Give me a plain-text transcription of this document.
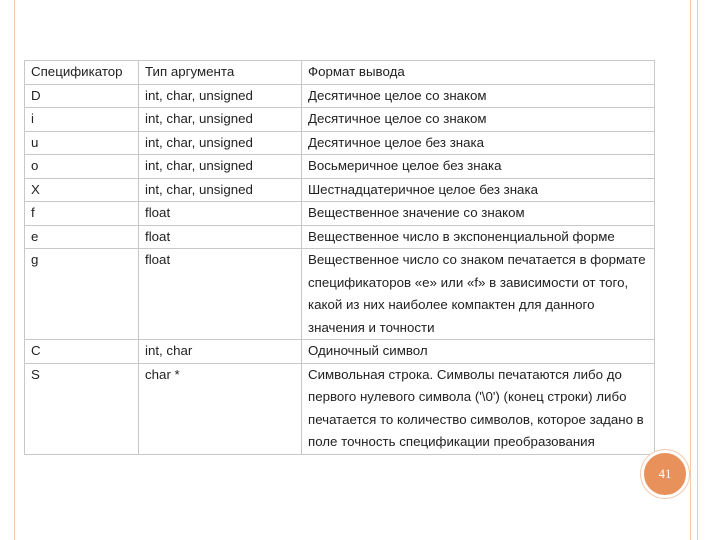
Спецификатор	Тип аргумента	Формат вывода
D	int, char, unsigned	Десятичное целое со знаком
i	int, char, unsigned	Десятичное целое со знаком
u	int, char, unsigned	Десятичное целое без знака
o	int, char, unsigned	Восьмеричное целое без знака
X	int, char, unsigned	Шестнадцатеричное целое без знака
f	float	Вещественное значение со знаком
e	float	Вещественное число в экспоненциальной форме
g	float	Вещественное число со знаком печатается в формате спецификаторов «е» или «f» в зависимости от того, какой из них наиболее компактен для данного значения и точности
C	int, char	Одиночный символ
S	char *	Символьная строка. Символы печатаются либо до первого нулевого символа ('\0') (конец строки) либо печатается то количество символов, которое задано в поле точность спецификации преобразования
41
